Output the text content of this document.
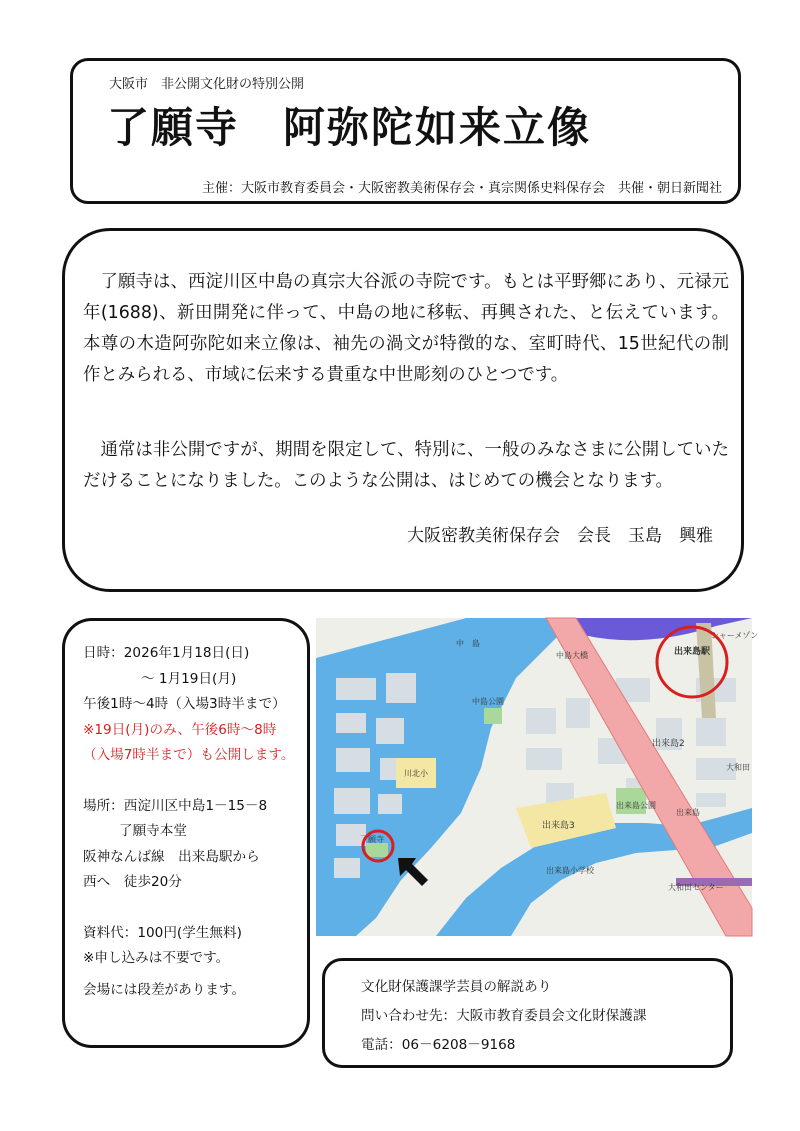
大阪市　非公開文化財の特別公開
了願寺　阿弥陀如来立像
主催：大阪市教育委員会・大阪密教美術保存会・真宗関係史料保存会　共催・朝日新聞社

　了願寺は、西淀川区中島の真宗大谷派の寺院です。もとは平野郷にあり、元禄元年(1688)、新田開発に伴って、中島の地に移転、再興された、と伝えています。本尊の木造阿弥陀如来立像は、袖先の渦文が特徴的な、室町時代、15世紀代の制作とみられる、市域に伝来する貴重な中世彫刻のひとつです。

　通常は非公開ですが、期間を限定して、特別に、一般のみなさまに公開していただけることになりました。このような公開は、はじめての機会となります。

大阪密教美術保存会　会長　玉島　興雅
日時：2026年1月18日(日)
～ 1月19日(月)
午後1時～4時（入場3時半まで）
※19日(月)のみ、午後6時～8時
（入場7時半まで）も公開します。
場所：西淀川区中島1－15－8
了願寺本堂
阪神なんば線　出来島駅から
西へ　徒歩20分
資料代：100円(学生無料)
※申し込みは不要です。
会場には段差があります。
中　島
中島大橋	出来島駅
シャーメゾン
出来島2
出来島3
中島公園
川北小
出来島小学校
出来島公園
出来島
了願寺
大和田
大和田センター
文化財保護課学芸員の解説あり
問い合わせ先：大阪市教育委員会文化財保護課
電話：06－6208－9168
